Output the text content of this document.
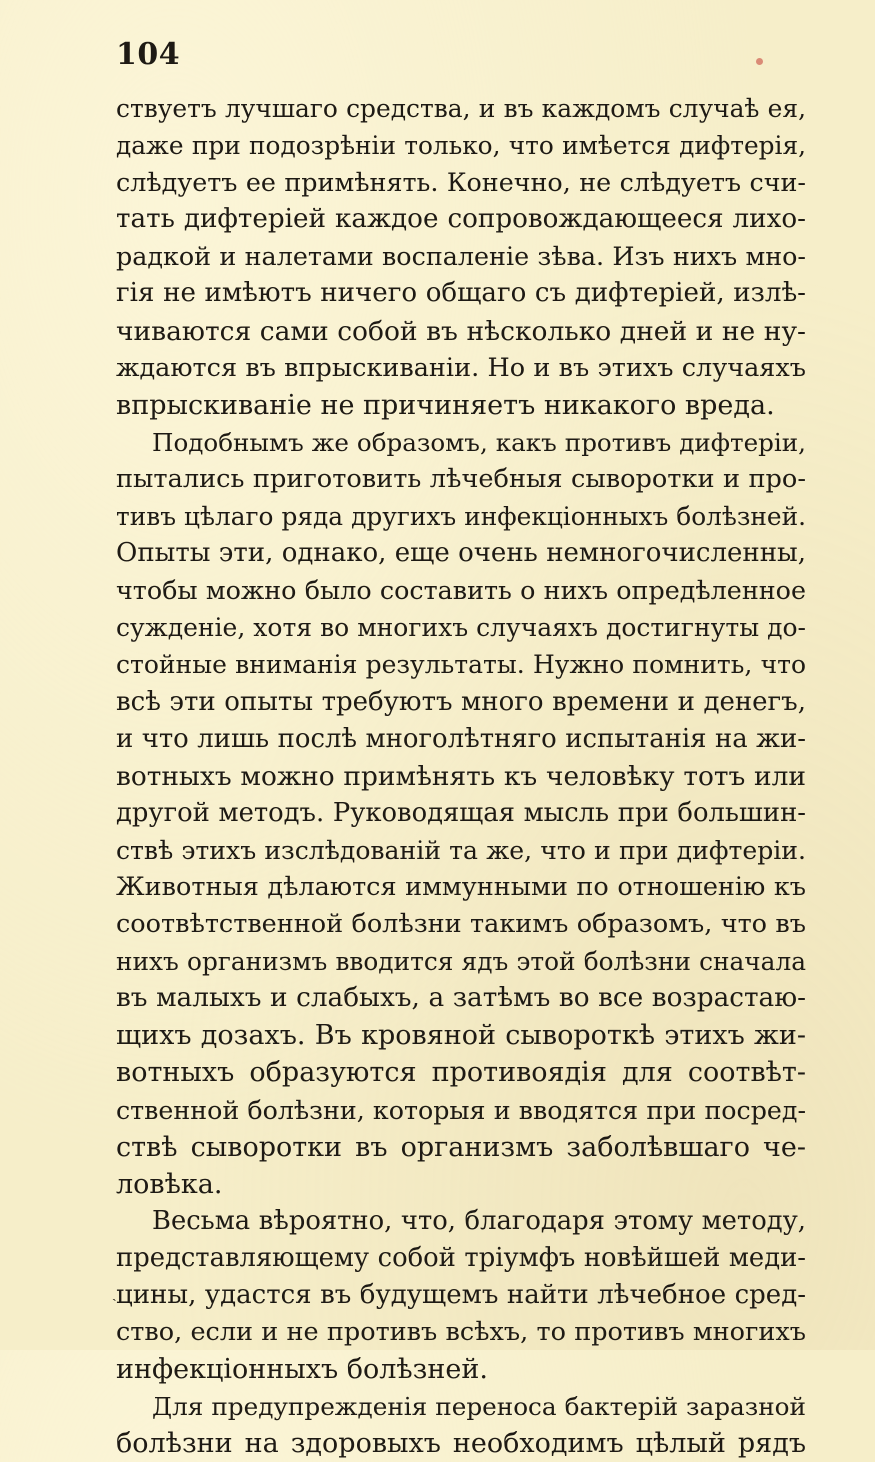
104
ствуетъ лучшаго средства, и въ каждомъ случаѣ ея,
даже при подозрѣніи только, что имѣется дифтерія,
слѣдуетъ ее примѣнять. Конечно, не слѣдуетъ счи-
тать дифтеріей каждое сопровождающееся лихо-
радкой и налетами воспаленіе зѣва. Изъ нихъ мно-
гія не имѣютъ ничего общаго съ дифтеріей, излѣ-
чиваются сами собой въ нѣсколько дней и не ну-
ждаются въ впрыскиваніи. Но и въ этихъ случаяхъ
впрыскиваніе не причиняетъ никакого вреда.
Подобнымъ же образомъ, какъ противъ дифтеріи,
пытались приготовить лѣчебныя сыворотки и про-
тивъ цѣлаго ряда другихъ инфекціонныхъ болѣзней.
Опыты эти, однако, еще очень немногочисленны,
чтобы можно было составить о нихъ опредѣленное
сужденіе, хотя во многихъ случаяхъ достигнуты до-
стойные вниманія результаты. Нужно помнить, что
всѣ эти опыты требуютъ много времени и денегъ,
и что лишь послѣ многолѣтняго испытанія на жи-
вотныхъ можно примѣнять къ человѣку тотъ или
другой методъ. Руководящая мысль при большин-
ствѣ этихъ изслѣдованій та же, что и при дифтеріи.
Животныя дѣлаются иммунными по отношенію къ
соотвѣтственной болѣзни такимъ образомъ, что въ
нихъ организмъ вводится ядъ этой болѣзни сначала
въ малыхъ и слабыхъ, а затѣмъ во все возрастаю-
щихъ дозахъ. Въ кровяной сывороткѣ этихъ жи-
вотныхъ образуются противоядія для соотвѣт-
ственной болѣзни, которыя и вводятся при посред-
ствѣ сыворотки въ организмъ заболѣвшаго че-
ловѣка.
Весьма вѣроятно, что, благодаря этому методу,
представляющему собой тріумфъ новѣйшей меди-
цины, удастся въ будущемъ найти лѣчебное сред-
ство, если и не противъ всѣхъ, то противъ многихъ
инфекціонныхъ болѣзней.
Для предупрежденія переноса бактерій заразной
болѣзни на здоровыхъ необходимъ цѣлый рядъ
ˏ
